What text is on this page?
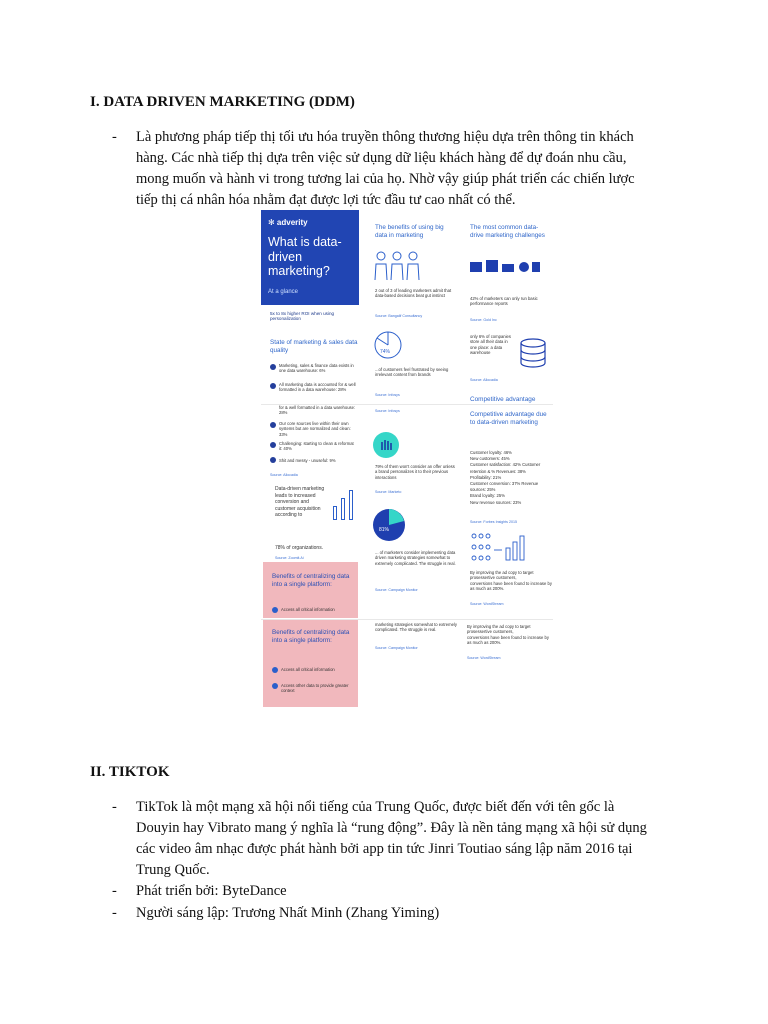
I. DATA DRIVEN MARKETING (DDM)
- Là phương pháp tiếp thị tối ưu hóa truyền thông thương hiệu dựa trên thông tin khách
hàng. Các nhà tiếp thị dựa trên việc sử dụng dữ liệu khách hàng để dự đoán nhu cầu,
mong muốn và hành vi trong tương lai của họ. Nhờ vậy giúp phát triển các chiến lược
tiếp thị cá nhân hóa nhằm đạt được lợi tức đầu tư cao nhất có thể.
✻ adverity
What is data-driven marketing?
At a glance
5x to 8x higher ROI when using personalization
State of marketing & sales data quality
Marketing, sales & finance data exists in one data warehouse: 6%
All marketing data is accounted for & well formatted in a data warehouse: 28%
for & well formatted in a data warehouse: 28%
Our core sources live within their own systems but are normalized and clean: 33%
Challenging: starting to clean & reformat it: 40%
Shit and messy - unuseful: 9%
Source: Allocadia
Data-driven marketing leads to increased conversion and customer acquisition according to
78% of organizations.
Source: Zoomlt.Ai
Benefits of centralizing data into a single platform:
Access all critical information
Benefits of centralizing data into a single platform:
Access all critical information
Access other data to provide greater context
The benefits of using big data in marketing
2 out of 3 of leading marketers admit that data-based decisions beat gut instinct
Source: Bangalif Consultancy
74%
...of customers feel frustrated by seeing irrelevant content from brands
Source: Infosys
Source: Infosys
79% of them won't consider an offer unless a brand personalizes it to their previous interactions
Source: Marketo
81%
... of marketers consider implementing data driven marketing strategies somewhat to extremely complicated. The struggle is real.
Source: Campaign Monitor
marketing strategies somewhat to extremely complicated. The struggle is real.
Source: Campaign Monitor
The most common data-drive marketing challenges
42% of marketers can only run basic performance reports
Source: Gold Inc
only 6% of companies store all their data in one place: a data warehouse
Source: Allocadia
Competitive advantage
Competitive advantage due to data-driven marketing
Customer loyalty: 46%
New customers: 45%
Customer satisfaction: 42% Customer retention & % Revenues: 38%
Profitability: 21%
Customer conversion: 37% Revenue sources: 25%
Brand loyalty: 25%
New revenue sources: 23%
Source: Forbes Insights 2015
By improving the ad copy to target prosessertive customers,
conversions have been found to increase by as much as 200%.
Source: WordStream
By improving the ad copy to target prosessertive customers,
conversions have been found to increase by as much as 200%.
Source: WordStream
II. TIKTOK
- TikTok là một mạng xã hội nổi tiếng của Trung Quốc, được biết đến với tên gốc là
Douyin hay Vibrato mang ý nghĩa là “rung động”. Đây là nền tảng mạng xã hội sử dụng
các video âm nhạc được phát hành bởi app tin tức Jinri Toutiao sáng lập năm 2016 tại
Trung Quốc.
- Phát triển bởi: ByteDance
- Người sáng lập: Trương Nhất Minh (Zhang Yiming)
